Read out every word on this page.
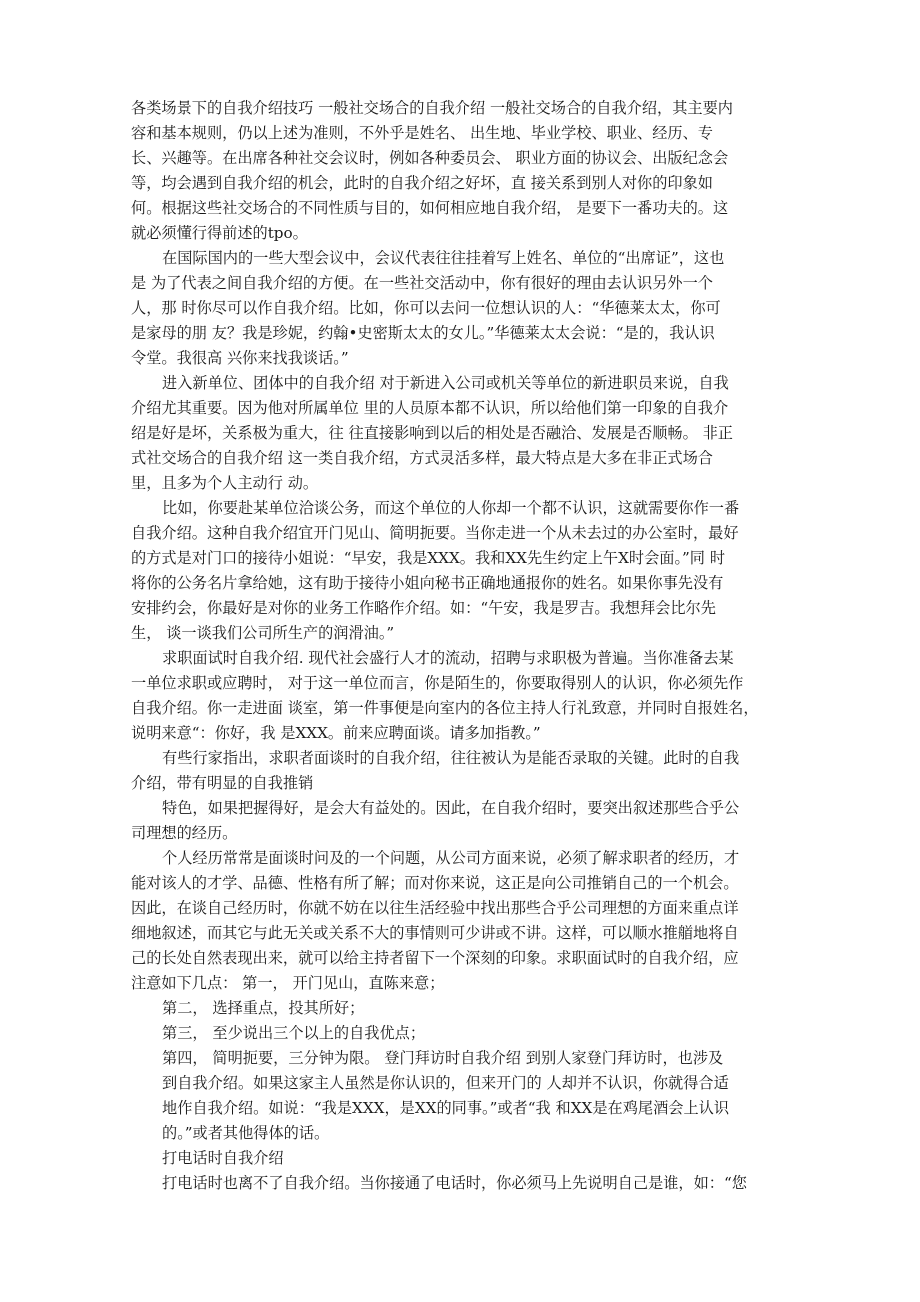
各类场景下的自我介绍技巧 一般社交场合的自我介绍 一般社交场合的自我介绍，其主要内
容和基本规则，仍以上述为准则，不外乎是姓名、 出生地、毕业学校、职业、经历、专
长、兴趣等。在出席各种社交会议时，例如各种委员会、 职业方面的协议会、出版纪念会
等，均会遇到自我介绍的机会，此时的自我介绍之好坏，直 接关系到别人对你的印象如
何。根据这些社交场合的不同性质与目的，如何相应地自我介绍， 是要下一番功夫的。这
就必须懂行得前述的tpo。
在国际国内的一些大型会议中，会议代表往往挂着写上姓名、单位的“出席证”，这也
是 为了代表之间自我介绍的方便。在一些社交活动中，你有很好的理由去认识另外一个
人，那 时你尽可以作自我介绍。比如，你可以去问一位想认识的人：“华德莱太太，你可
是家母的朋 友？我是珍妮，约翰•史密斯太太的女儿。”华德莱太太会说：“是的，我认识
令堂。我很高 兴你来找我谈话。”
进入新单位、团体中的自我介绍 对于新进入公司或机关等单位的新进职员来说，自我
介绍尤其重要。因为他对所属单位 里的人员原本都不认识，所以给他们第一印象的自我介
绍是好是坏，关系极为重大，往 往直接影响到以后的相处是否融洽、发展是否顺畅。 非正
式社交场合的自我介绍 这一类自我介绍，方式灵活多样，最大特点是大多在非正式场合
里，且多为个人主动行 动。
比如，你要赴某单位洽谈公务，而这个单位的人你却一个都不认识，这就需要你作一番
自我介绍。这种自我介绍宜开门见山、简明扼要。当你走进一个从未去过的办公室时，最好
的方式是对门口的接待小姐说：“早安，我是XXX。我和XX先生约定上午X时会面。”同 时
将你的公务名片拿给她，这有助于接待小姐向秘书正确地通报你的姓名。如果你事先没有
安排约会，你最好是对你的业务工作略作介绍。如：“午安，我是罗吉。我想拜会比尔先
生， 谈一谈我们公司所生产的润滑油。”
求职面试时自我介绍. 现代社会盛行人才的流动，招聘与求职极为普遍。当你准备去某
一单位求职或应聘时， 对于这一单位而言，你是陌生的，你要取得别人的认识，你必须先作
自我介绍。你一走进面 谈室，第一件事便是向室内的各位主持人行礼致意，并同时自报姓名，
说明来意“：你好，我 是XXX。前来应聘面谈。请多加指教。”
有些行家指出，求职者面谈时的自我介绍，往往被认为是能否录取的关键。此时的自我
介绍，带有明显的自我推销
特色，如果把握得好，是会大有益处的。因此，在自我介绍时，要突出叙述那些合乎公
司理想的经历。
个人经历常常是面谈时问及的一个问题，从公司方面来说，必须了解求职者的经历，才
能对该人的才学、品德、性格有所了解；而对你来说，这正是向公司推销自己的一个机会。
因此，在谈自己经历时，你就不妨在以往生活经验中找出那些合乎公司理想的方面来重点详
细地叙述，而其它与此无关或关系不大的事情则可少讲或不讲。这样，可以顺水推艏地将自
己的长处自然表现出来，就可以给主持者留下一个深刻的印象。求职面试时的自我介绍，应
注意如下几点： 第一， 开门见山，直陈来意；
第二， 选择重点，投其所好；
第三， 至少说出三个以上的自我优点；
第四， 简明扼要，三分钟为限。 登门拜访时自我介绍 到别人家登门拜访时，也涉及
到自我介绍。如果这家主人虽然是你认识的，但来开门的 人却并不认识，你就得合适
地作自我介绍。如说：“我是XXX，是XX的同事。”或者“我 和XX是在鸡尾酒会上认识
的。”或者其他得体的话。
打电话时自我介绍
打电话时也离不了自我介绍。当你接通了电话时，你必须马上先说明自己是谁，如：“您
